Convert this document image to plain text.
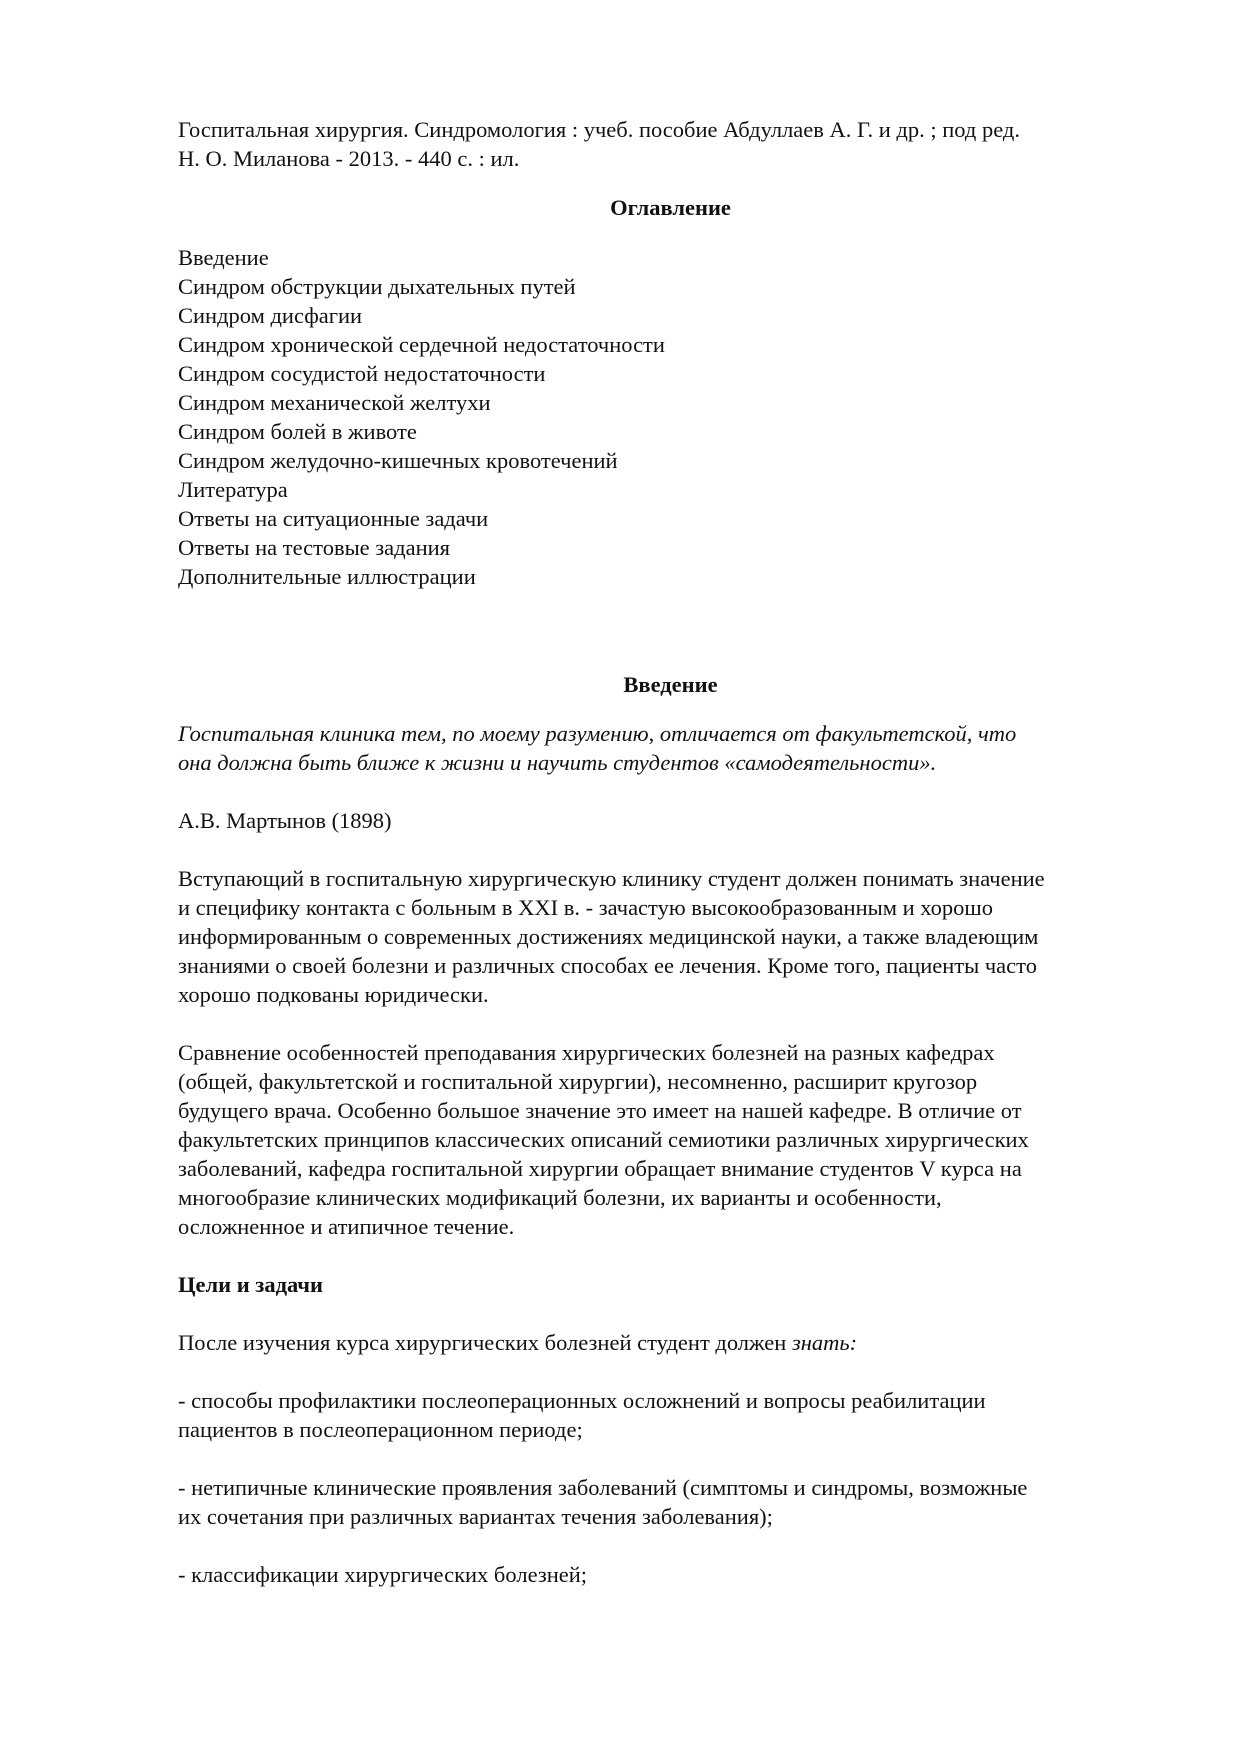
Госпитальная хирургия. Синдромология : учеб. пособие Абдуллаев А. Г. и др. ; под ред.
Н. О. Миланова - 2013. - 440 с. : ил.

Оглавление

Введение
Синдром обструкции дыхательных путей
Синдром дисфагии
Синдром хронической сердечной недостаточности
Синдром сосудистой недостаточности
Синдром механической желтухи
Синдром болей в животе
Синдром желудочно-кишечных кровотечений
Литература
Ответы на ситуационные задачи
Ответы на тестовые задания
Дополнительные иллюстрации

Введение

Госпитальная клиника тем, по моему разумению, отличается от факультетской, что
она должна быть ближе к жизни и научить студентов «самодеятельности».

А.В. Мартынов (1898)

Вступающий в госпитальную хирургическую клинику студент должен понимать значение
и специфику контакта с больным в XXI в. - зачастую высокообразованным и хорошо
информированным о современных достижениях медицинской науки, а также владеющим
знаниями о своей болезни и различных способах ее лечения. Кроме того, пациенты часто
хорошо подкованы юридически.

Сравнение особенностей преподавания хирургических болезней на разных кафедрах
(общей, факультетской и госпитальной хирургии), несомненно, расширит кругозор
будущего врача. Особенно большое значение это имеет на нашей кафедре. В отличие от
факультетских принципов классических описаний семиотики различных хирургических
заболеваний, кафедра госпитальной хирургии обращает внимание студентов V курса на
многообразие клинических модификаций болезни, их варианты и особенности,
осложненное и атипичное течение.

Цели и задачи

После изучения курса хирургических болезней студент должен знать:

- способы профилактики послеоперационных осложнений и вопросы реабилитации
пациентов в послеоперационном периоде;

- нетипичные клинические проявления заболеваний (симптомы и синдромы, возможные
их сочетания при различных вариантах течения заболевания);

- классификации хирургических болезней;
